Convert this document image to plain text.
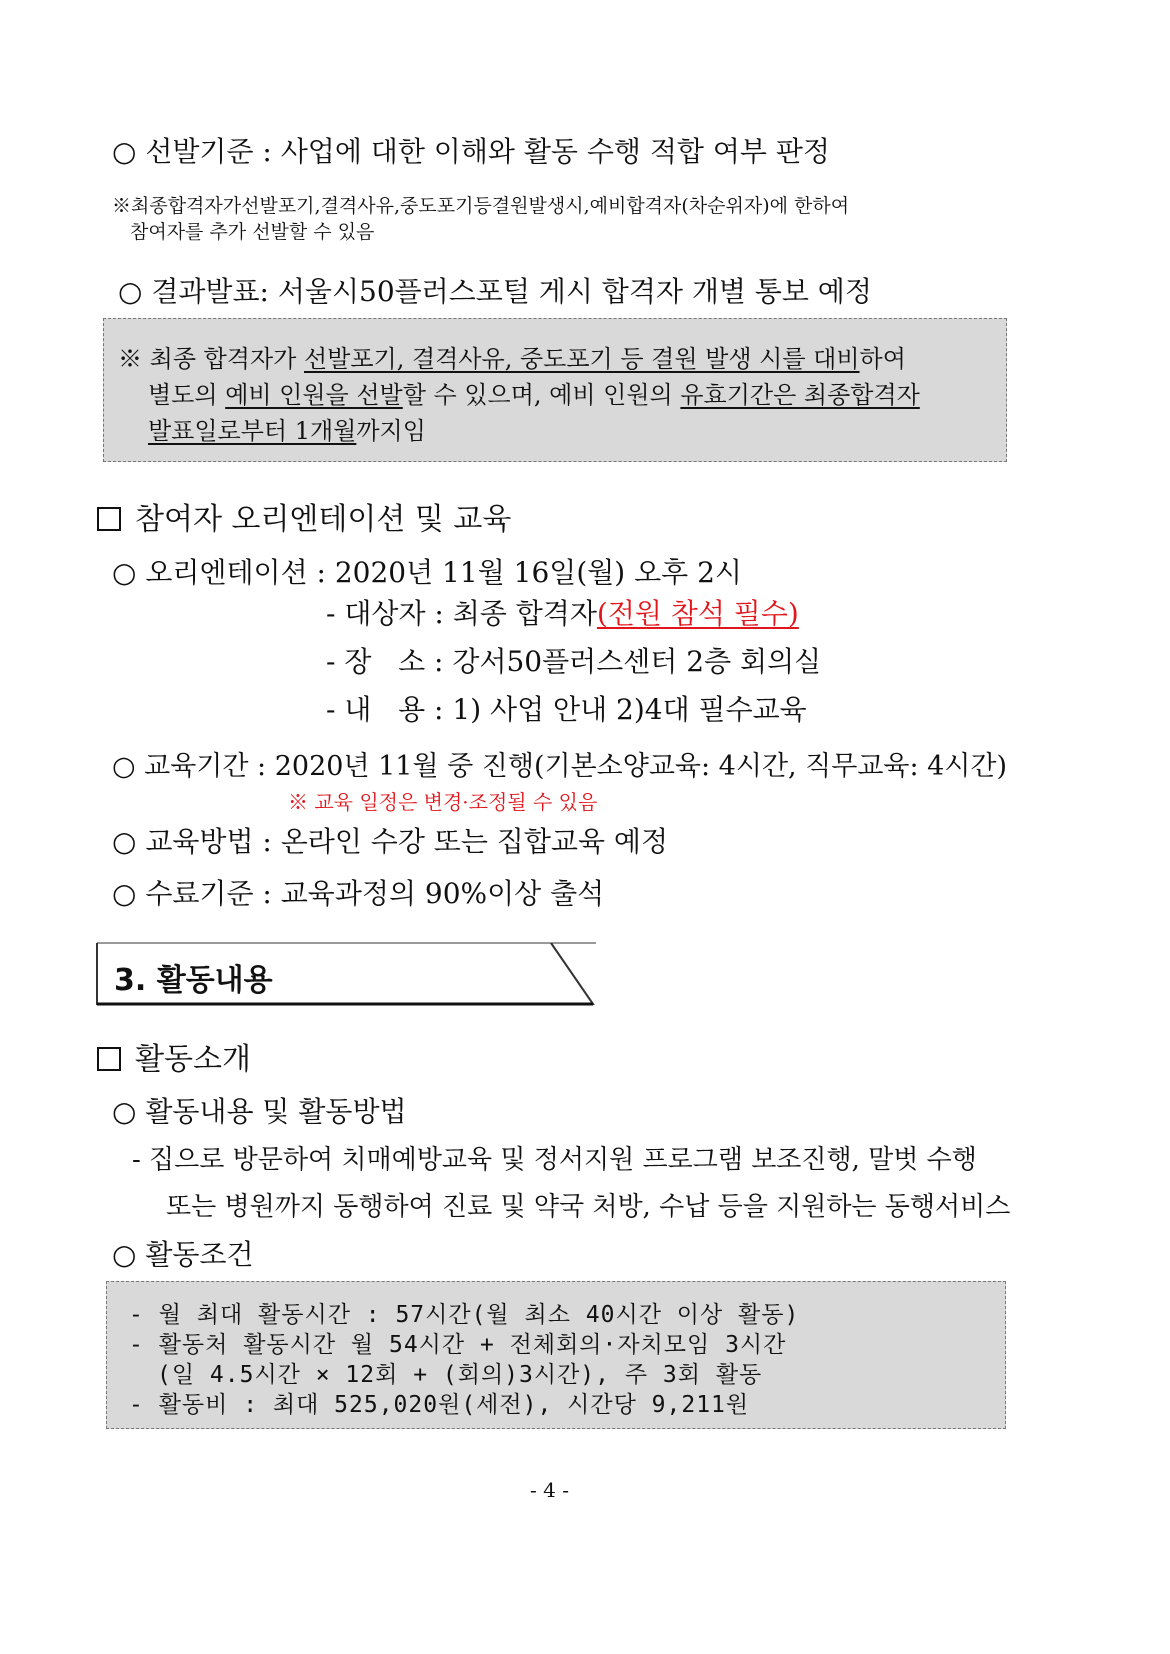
○ 선발기준 : 사업에 대한 이해와 활동 수행 적합 여부 판정
※최종합격자가선발포기,결격사유,중도포기등결원발생시,예비합격자(차순위자)에 한하여
참여자를 추가 선발할 수 있음
○ 결과발표: 서울시50플러스포털 게시 합격자 개별 통보 예정
※ 최종 합격자가 선발포기, 결격사유, 중도포기 등 결원 발생 시를 대비하여
별도의 예비 인원을 선발할 수 있으며, 예비 인원의 유효기간은 최종합격자
발표일로부터 1개월까지임
참여자 오리엔테이션 및 교육
○ 오리엔테이션 : 2020년 11월 16일(월) 오후 2시
- 대상자 : 최종 합격자(전원 참석 필수)
- 장   소 : 강서50플러스센터 2층 회의실
- 내   용 : 1) 사업 안내 2)4대 필수교육
○ 교육기간 : 2020년 11월 중 진행(기본소양교육: 4시간, 직무교육: 4시간)
※ 교육 일정은 변경·조정될 수 있음
○ 교육방법 : 온라인 수강 또는 집합교육 예정
○ 수료기준 : 교육과정의 90%이상 출석
3. 활동내용
활동소개
○ 활동내용 및 활동방법
- 집으로 방문하여 치매예방교육 및 정서지원 프로그램 보조진행, 말벗 수행
또는 병원까지 동행하여 진료 및 약국 처방, 수납 등을 지원하는 동행서비스
○ 활동조건
- 월 최대 활동시간 : 57시간(월 최소 40시간 이상 활동)
- 활동처 활동시간 월 54시간 + 전체회의·자치모임 3시간
(일 4.5시간 × 12회 + (회의)3시간), 주 3회 활동
- 활동비 : 최대 525,020원(세전), 시간당 9,211원
- 4 -
